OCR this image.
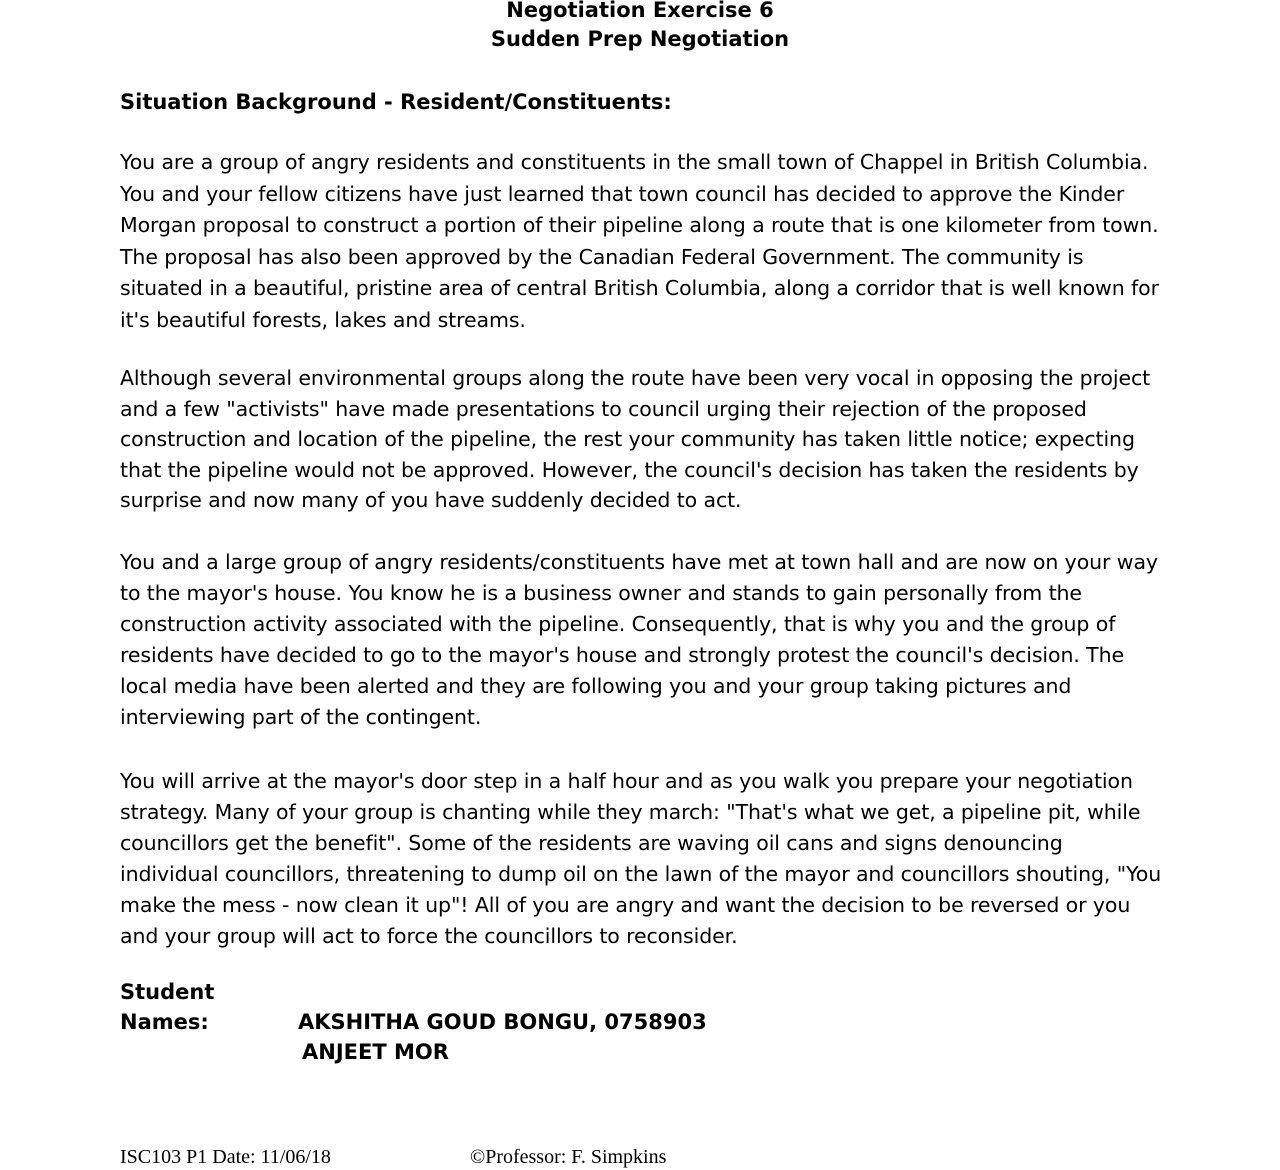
Negotiation Exercise 6
Sudden Prep Negotiation
Situation Background - Resident/Constituents:
You are a group of angry residents and constituents in the small town of Chappel in British Columbia. You and your fellow citizens have just learned that town council has decided to approve the Kinder Morgan proposal to construct a portion of their pipeline along a route that is one kilometer from town. The proposal has also been approved by the Canadian Federal Government. The community is situated in a beautiful, pristine area of central British Columbia, along a corridor that is well known for it's beautiful forests, lakes and streams.
Although several environmental groups along the route have been very vocal in opposing the project and a few "activists" have made presentations to council urging their rejection of the proposed construction and location of the pipeline, the rest your community has taken little notice; expecting that the pipeline would not be approved. However, the council's decision has taken the residents by surprise and now many of you have suddenly decided to act.
You and a large group of angry residents/constituents have met at town hall and are now on your way to the mayor's house. You know he is a business owner and stands to gain personally from the construction activity associated with the pipeline. Consequently, that is why you and the group of residents have decided to go to the mayor's house and strongly protest the council's decision. The local media have been alerted and they are following you and your group taking pictures and interviewing part of the contingent.
You will arrive at the mayor's door step in a half hour and as you walk you prepare your negotiation strategy. Many of your group is chanting while they march: "That's what we get, a pipeline pit, while councillors get the benefit". Some of the residents are waving oil cans and signs denouncing individual councillors, threatening to dump oil on the lawn of the mayor and councillors shouting, "You make the mess - now clean it up"! All of you are angry and want the decision to be reversed or you and your group will act to force the councillors to reconsider.
Student Names:	AKSHITHA GOUD BONGU, 0758903
ANJEET MOR
ISC103 P1 Date: 11/06/18	©Professor: F. Simpkins
